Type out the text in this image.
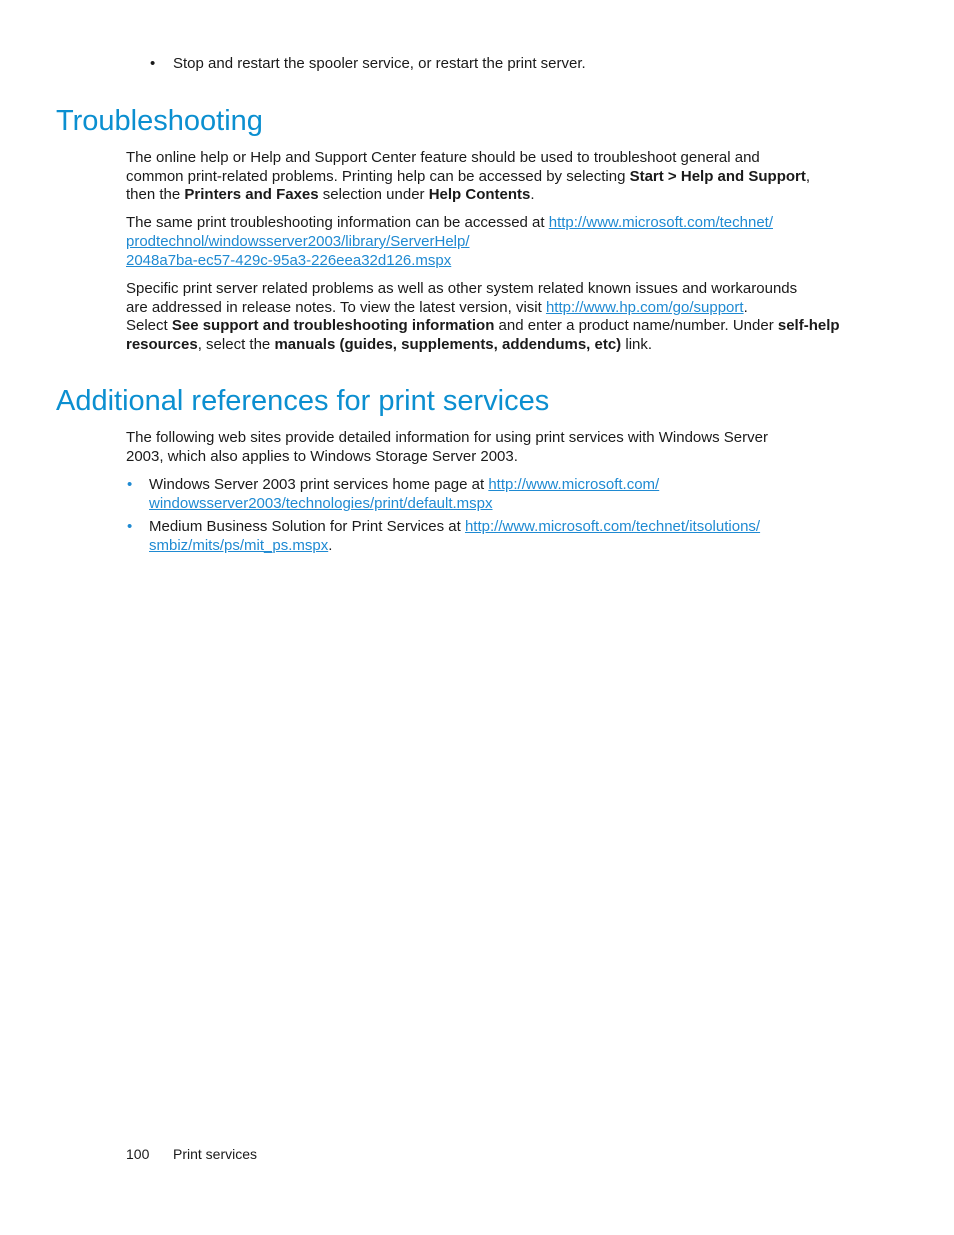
• Stop and restart the spooler service, or restart the print server.
Troubleshooting
The online help or Help and Support Center feature should be used to troubleshoot general and
common print-related problems. Printing help can be accessed by selecting Start > Help and Support,
then the Printers and Faxes selection under Help Contents.
The same print troubleshooting information can be accessed at http://www.microsoft.com/technet/
prodtechnol/windowsserver2003/library/ServerHelp/
2048a7ba-ec57-429c-95a3-226eea32d126.mspx
Specific print server related problems as well as other system related known issues and workarounds
are addressed in release notes. To view the latest version, visit http://www.hp.com/go/support.
Select See support and troubleshooting information and enter a product name/number. Under self-help
resources, select the manuals (guides, supplements, addendums, etc) link.
Additional references for print services
The following web sites provide detailed information for using print services with Windows Server
2003, which also applies to Windows Storage Server 2003.
• Windows Server 2003 print services home page at http://www.microsoft.com/
windowsserver2003/technologies/print/default.mspx
• Medium Business Solution for Print Services at http://www.microsoft.com/technet/itsolutions/
smbiz/mits/ps/mit_ps.mspx.
100 Print services
